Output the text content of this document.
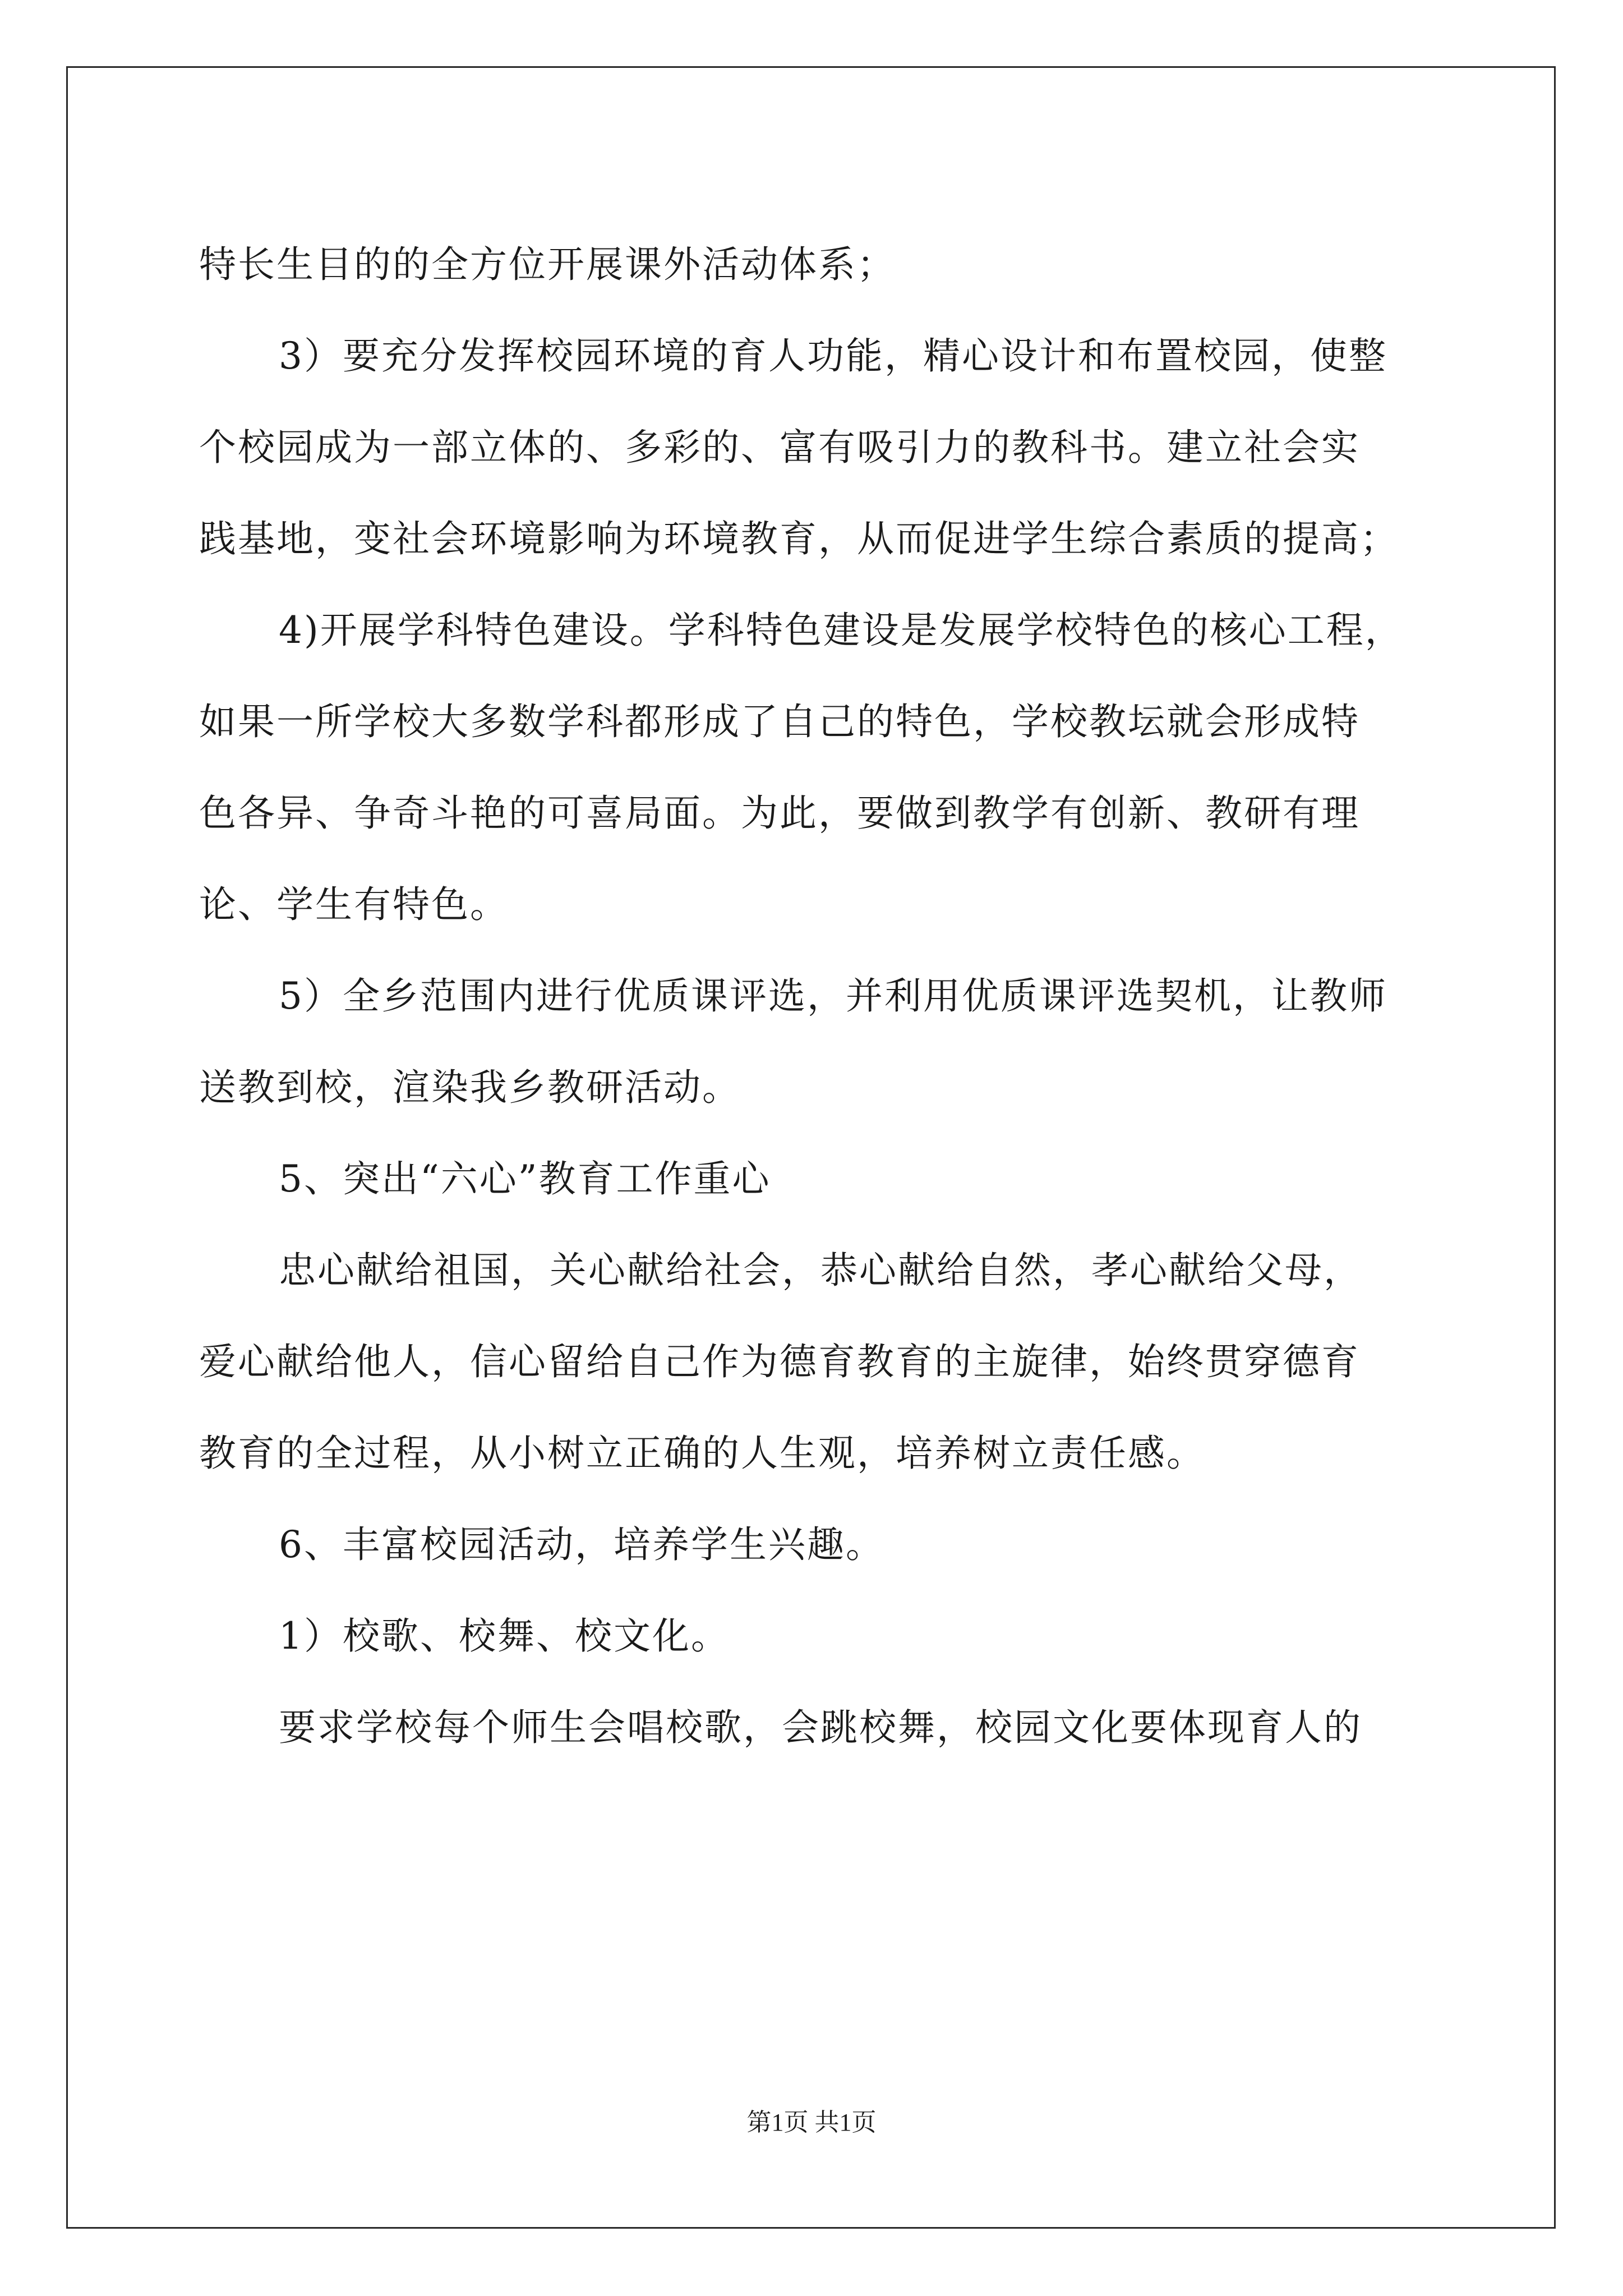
特长生目的的全方位开展课外活动体系；
3）要充分发挥校园环境的育人功能，精心设计和布置校园，使整
个校园成为一部立体的、多彩的、富有吸引力的教科书。建立社会实
践基地，变社会环境影响为环境教育，从而促进学生综合素质的提高；
4)开展学科特色建设。学科特色建设是发展学校特色的核心工程，
如果一所学校大多数学科都形成了自己的特色，学校教坛就会形成特
色各异、争奇斗艳的可喜局面。为此，要做到教学有创新、教研有理
论、学生有特色。
5）全乡范围内进行优质课评选，并利用优质课评选契机，让教师
送教到校，渲染我乡教研活动。
5、突出“六心”教育工作重心
忠心献给祖国，关心献给社会，恭心献给自然，孝心献给父母，
爱心献给他人，信心留给自己作为德育教育的主旋律，始终贯穿德育
教育的全过程，从小树立正确的人生观，培养树立责任感。
6、丰富校园活动，培养学生兴趣。
1）校歌、校舞、校文化。
要求学校每个师生会唱校歌，会跳校舞，校园文化要体现育人的
第1页 共1页
